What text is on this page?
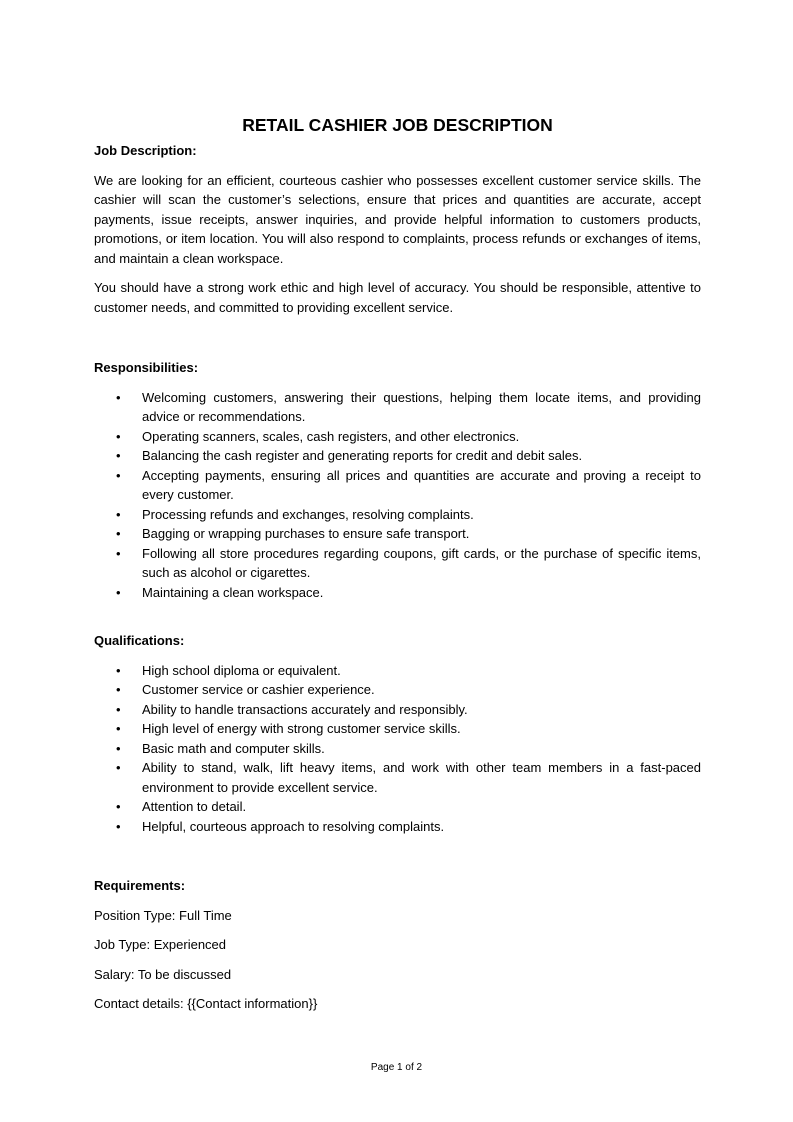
RETAIL CASHIER JOB DESCRIPTION

Job Description:

We are looking for an efficient, courteous cashier who possesses excellent customer service skills. The cashier will scan the customer’s selections, ensure that prices and quantities are accurate, accept payments, issue receipts, answer inquiries, and provide helpful information to customers products, promotions, or item location. You will also respond to complaints, process refunds or exchanges of items, and maintain a clean workspace.

You should have a strong work ethic and high level of accuracy. You should be responsible, attentive to customer needs, and committed to providing excellent service.

Responsibilities:

• Welcoming customers, answering their questions, helping them locate items, and providing advice or recommendations.
• Operating scanners, scales, cash registers, and other electronics.
• Balancing the cash register and generating reports for credit and debit sales.
• Accepting payments, ensuring all prices and quantities are accurate and proving a receipt to every customer.
• Processing refunds and exchanges, resolving complaints.
• Bagging or wrapping purchases to ensure safe transport.
• Following all store procedures regarding coupons, gift cards, or the purchase of specific items, such as alcohol or cigarettes.
• Maintaining a clean workspace.

Qualifications:

• High school diploma or equivalent.
• Customer service or cashier experience.
• Ability to handle transactions accurately and responsibly.
• High level of energy with strong customer service skills.
• Basic math and computer skills.
• Ability to stand, walk, lift heavy items, and work with other team members in a fast-paced environment to provide excellent service.
• Attention to detail.
• Helpful, courteous approach to resolving complaints.

Requirements:

Position Type: Full Time

Job Type: Experienced

Salary: To be discussed

Contact details: {{Contact information}}

Page 1 of 2
